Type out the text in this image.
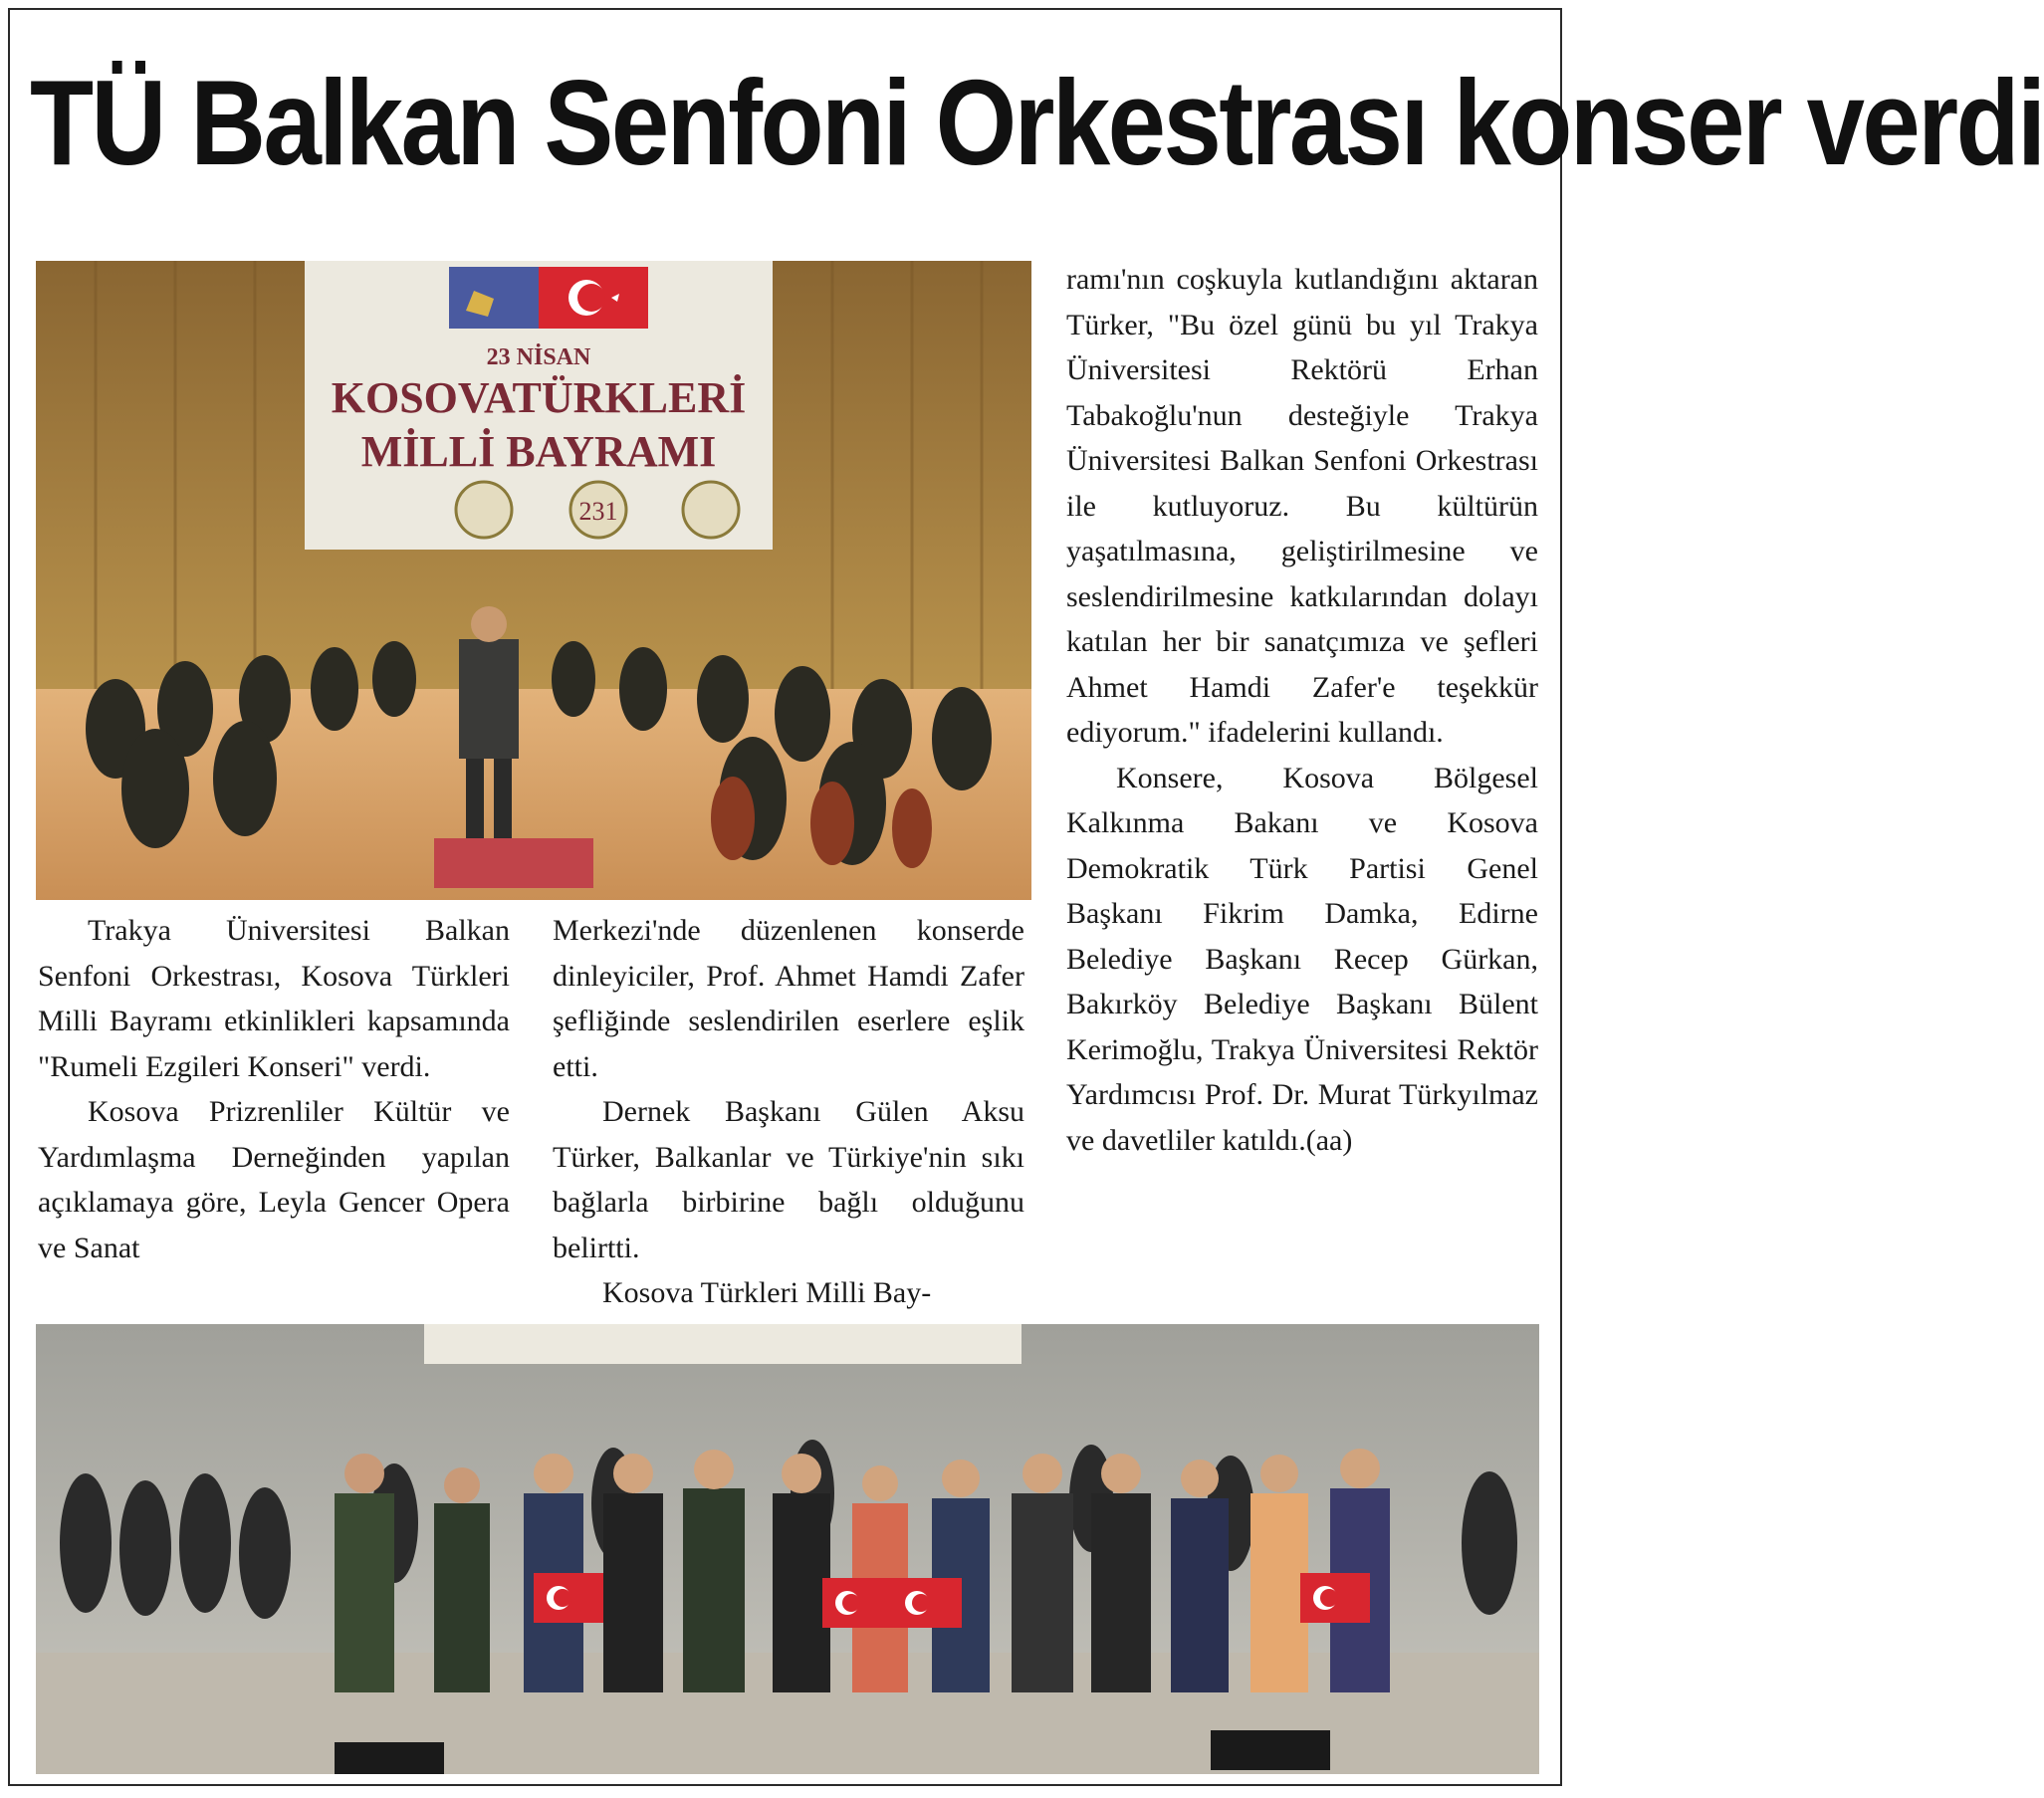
TÜ Balkan Senfoni Orkestrası konser verdi
23 NİSAN
KOSOVATÜRKLERİ
MİLLİ BAYRAMI
231

Trakya Üniversitesi Balkan Senfoni Orkestrası, Kosova Türkleri Milli Bayramı etkinlikleri kapsamında "Rumeli Ezgileri Konseri" verdi.

Kosova Prizrenliler Kültür ve Yardımlaşma Derneğinden yapılan açıklamaya göre, Leyla Gencer Opera ve Sanat

Merkezi'nde düzenlenen konserde dinleyiciler, Prof. Ahmet Hamdi Zafer şefliğinde seslendirilen eserlere eşlik etti.

Dernek Başkanı Gülen Aksu Türker, Balkanlar ve Türkiye'nin sıkı bağlarla birbirine bağlı olduğunu belirtti.

Kosova Türkleri Milli Bay-

ramı'nın coşkuyla kutlandığını aktaran Türker, "Bu özel günü bu yıl Trakya Üniversitesi Rektörü Erhan Tabakoğlu'nun desteğiyle Trakya Üniversitesi Balkan Senfoni Orkestrası ile kutluyoruz. Bu kültürün yaşatılmasına, geliştirilmesine ve seslendirilmesine katkılarından dolayı katılan her bir sanatçımıza ve şefleri Ahmet Hamdi Zafer'e teşekkür ediyorum." ifadelerini kullandı.

Konsere, Kosova Bölgesel Kalkınma Bakanı ve Kosova Demokratik Türk Partisi Genel Başkanı Fikrim Damka, Edirne Belediye Başkanı Recep Gürkan, Bakırköy Belediye Başkanı Bülent Kerimoğlu, Trakya Üniversitesi Rektör Yardımcısı Prof. Dr. Murat Türkyılmaz ve davetliler katıldı.(aa)
